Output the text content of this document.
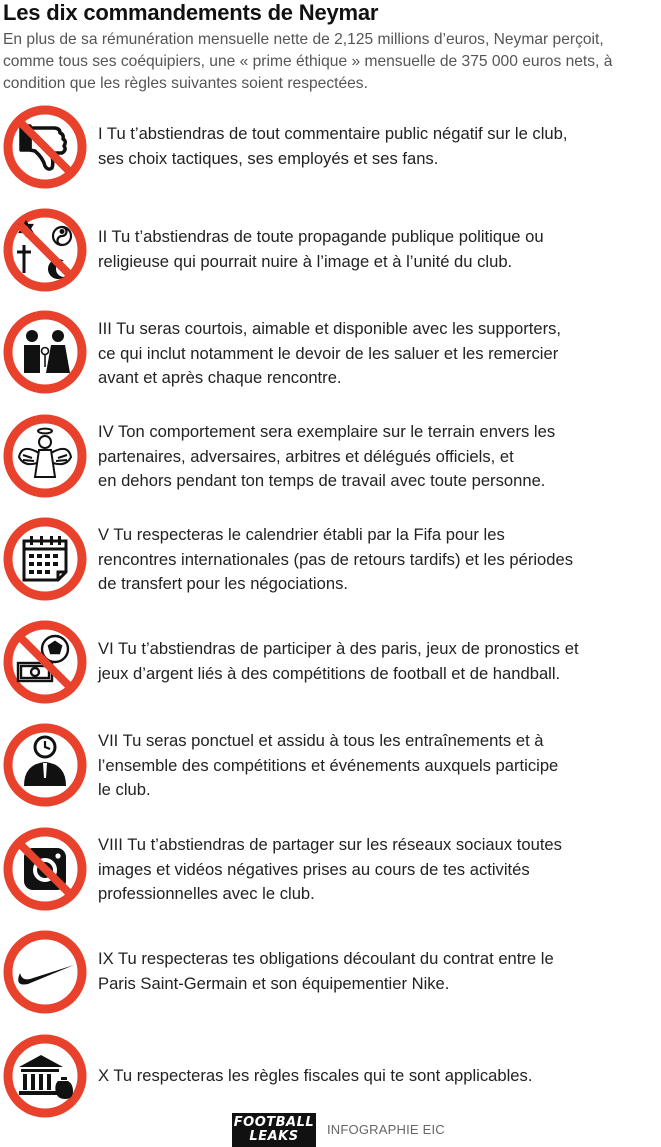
Les dix commandements de Neymar
En plus de sa rémunération mensuelle nette de 2,125 millions d’euros, Neymar perçoit, comme tous ses coéquipiers, une « prime éthique » mensuelle de 375 000 euros nets, à condition que les règles suivantes soient respectées.
I Tu t’abstiendras de tout commentaire public négatif sur le club,
ses choix tactiques, ses employés et ses fans.
II Tu t’abstiendras de toute propagande publique politique ou
religieuse qui pourrait nuire à l’image et à l’unité du club.
III Tu seras courtois, aimable et disponible avec les supporters,
ce qui inclut notamment le devoir de les saluer et les remercier
avant et après chaque rencontre.
IV Ton comportement sera exemplaire sur le terrain envers les
partenaires, adversaires, arbitres et délégués officiels, et
en dehors pendant ton temps de travail avec toute personne.
V Tu respecteras le calendrier établi par la Fifa pour les
rencontres internationales (pas de retours tardifs) et les périodes
de transfert pour les négociations.
VI Tu t’abstiendras de participer à des paris, jeux de pronostics et
jeux d’argent liés à des compétitions de football et de handball.
VII Tu seras ponctuel et assidu à tous les entraînements et à
l’ensemble des compétitions et événements auxquels participe
le club.
VIII Tu t’abstiendras de partager sur les réseaux sociaux toutes
images et vidéos négatives prises au cours de tes activités
professionnelles avec le club.
IX Tu respecteras tes obligations découlant du contrat entre le
Paris Saint-Germain et son équipementier Nike.
X Tu respecteras les règles fiscales qui te sont applicables.
FOOTBALL
LEAKS	INFOGRAPHIE EIC
